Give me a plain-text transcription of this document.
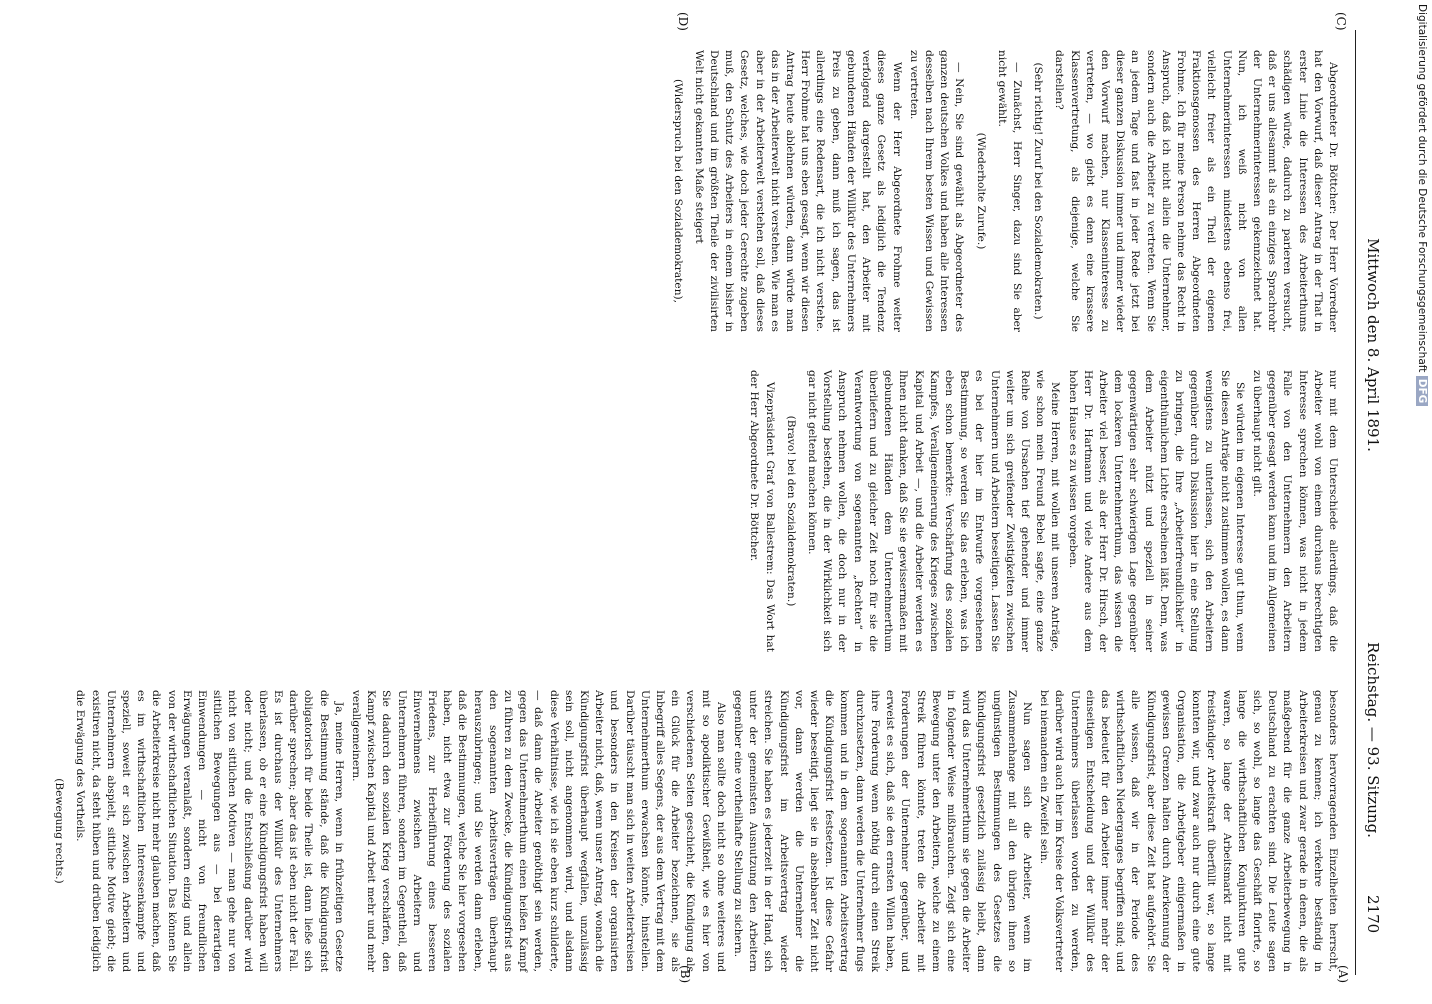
2170
Reichstag. — 93. Sitzung.
Mittwoch den 8. April 1891.
(A)
(B)
(C)
(D)

besonders hervorragenden Einzelheiten herrscht, genau zu kennen; ich verkehre beständig in Arbeiterkreisen und zwar gerade in denen, die als maßgebend für die ganze Arbeiterbewegung in Deutschland zu erachten sind. Die Leute sagen sich, so wohl, so lange das Geschäft florirte, so lange die wirthschaftlichen Konjunkturen gute waren, so lange der Arbeitsmarkt nicht mit freiständiger Arbeitskraft überfüllt war, so lange konnten wir, und zwar auch nur durch eine gute Organisation, die Arbeitgeber einigermaßen in gewissen Grenzen halten durch Anerkennung der Kündigungsfrist, aber diese Zeit hat aufgehört. Sie alle wissen, daß wir in der Periode des wirthschaftlichen Niederganges begriffen sind; und das bedeutet für den Arbeiter immer mehr der einseitigen Entscheidung und der Willkür des Unternehmers überlassen worden zu werden, darüber wird auch hier im Kreise der Volksvertreter bei niemandem ein Zweifel sein.

Nun sagen sich die Arbeiter, wenn im Zusammenhange mit all den übrigen ihnen so ungünstigen Bestimmungen des Gesetzes die Kündigungsfrist gesetzlich zulässig bleibt, dann wird das Unternehmerthum sie gegen die Arbeiter in folgender Weise mißbrauchen. Zeigt sich eine Bewegung unter den Arbeitern, welche zu einem Streik führen könnte, treten die Arbeiter mit Forderungen der Unternehmer gegenüber, und erweist es sich, daß sie den ernsten Willen haben, ihre Forderung wenn nöthig durch einen Streik durchzusetzen, dann werden die Unternehmer flugs kommen und in dem sogenannten Arbeitsvertrag die Kündigungsfrist festsetzen. Ist diese Gefahr wieder beseitigt, liegt sie in absehbarer Zeit nicht vor, dann werden die Unternehmer die Kündigungsfrist im Arbeitsvertrag wieder streichen. Sie haben es jederzeit in der Hand, sich unter der gemeinsten Ausnutzung den Arbeitern gegenüber eine vortheilhafte Stellung zu sichern.

Also man sollte doch nicht so ohne weiteres und mit so apodiktischer Gewißheit, wie es hier von verschiedenen Seiten geschieht, die Kündigung als ein Glück für die Arbeiter bezeichnen, sie als Inbegriff alles Segens, der aus dem Vertrag mit dem Unternehmerthum erwachsen könnte, hinstellen. Darüber täuscht man sich in weiten Arbeiterkreisen und besonders in den Kreisen der organisirten Arbeiter nicht, daß, wenn unser Antrag, wonach die Kündigungsfrist überhaupt wegfallen, unzulässig sein soll, nicht angenommen wird, und alsdann diese Verhältnisse, wie ich sie eben kurz schilderte, — daß dann die Arbeiter genöthigt sein werden, gegen das Unternehmerthum einen heißen Kampf zu führen zu dem Zwecke, die Kündigungsfrist aus den sogenannten Arbeitsverträgen überhaupt herauszubringen; und Sie werden dann erleben, daß die Bestimmungen, welche Sie hier vorgesehen haben, nicht etwa zur Förderung des sozialen Friedens, zur Herbeiführung eines besseren Einvernehmens zwischen Arbeitern und Unternehmern führen, sondern im Gegentheil, daß Sie dadurch den sozialen Krieg verschärfen, den Kampf zwischen Kapital und Arbeit mehr und mehr verallgemeinern.

Ja, meine Herren, wenn in frühzeitigen Gesetze die Bestimmung stände, daß die Kündigungsfrist obligatorisch für beide Theile ist, dann ließe sich darüber sprechen; aber das ist eben nicht der Fall. Es ist durchaus der Willkür des Unternehmers überlassen, ob er eine Kündigungsfrist haben will oder nicht; und die Entschließung darüber wird nicht von sittlichen Motiven — man gehe nur von sittlichen Bewegungen aus — bei derartigen Einwendungen — nicht von freundlichen Erwägungen veranlaßt, sondern einzig und allein von der wirthschaftlichen Situation. Das können Sie die Arbeiterkreise nicht mehr glauben machen, daß es im wirthschaftlichen Interessenkampfe und speziell, soweit er sich zwischen Arbeitern und Unternehmern abspielt, sittliche Motive giebt; die existiren nicht, da steht hüben und drüben lediglich die Erwägung des Vortheils.

(Bewegung rechts.)

nur mit dem Unterschiede allerdings, daß die Arbeiter wohl von einem durchaus berechtigten Interesse sprechen können, was nicht in jedem Falle von den Unternehmern den Arbeitern gegenüber gesagt werden kann und im Allgemeinen zu überhaupt nicht gilt.

Sie würden im eigenen Interesse gut thun, wenn Sie diesen Anträge nicht zustimmen wollen, es dann wenigstens zu unterlassen, sich den Arbeitern gegenüber durch Diskussion hier in eine Stellung zu bringen, die Ihre „Arbeiterfreundlichkeit“ in eigenthümlichem Lichte erscheinen läßt. Denn, was dem Arbeiter nützt und speziell in seiner gegenwärtigen sehr schwierigen Lage gegenüber dem lockeren Unternehmerthum, das wissen die Arbeiter viel besser, als der Herr Dr. Hirsch, der Herr Dr. Hartmann und viele Andere aus dem hohen Hause es zu wissen vorgeben.

Meine Herren, mit wollen mit unseren Anträge, wie schon mein Freund Bebel sagte, eine ganze Reihe von Ursachen tief gehender und immer weiter um sich greifender Zwistigkeiten zwischen Unternehmern und Arbeitern beseitigen. Lassen Sie es bei der hier im Entwurfe vorgesehenen Bestimmung, so werden Sie das erleben, was ich eben schon bemerkte: Verschärfung des sozialen Kampfes, Verallgemeinerung des Krieges zwischen Kapital und Arbeit —, und die Arbeiter werden es Ihnen nicht danken, daß Sie sie gewissermaßen mit gebundenen Händen dem Unternehmerthum überliefern und zu gleicher Zeit noch für sie die Verantwortung von sogenannten „Rechten“ in Anspruch nehmen wollen, die doch nur in der Vorstellung bestehen, die in der Wirklichkeit sich gar nicht geltend machen können.

(Bravo! bei den Sozialdemokraten.)

Vizepräsident Graf von Ballestrem: Das Wort hat der Herr Abgeordnete Dr. Böttcher.

Abgeordneter Dr. Böttcher: Der Herr Vorredner hat den Vorwurf, daß dieser Antrag in der That in erster Linie die Interessen des Arbeiterthums schädigen würde, dadurch zu parieren versucht, daß er uns allesammt als ein einziges Sprachrohr der Unternehmerinteressen gekennzeichnet hat. Nun, ich weiß nicht von allen Unternehmerinteressen mindestens ebenso frei, vielleicht freier als ein Theil der eigenen Fraktionsgenossen des Herren Abgeordneten Frohme. Ich für meine Person nehme das Recht in Anspruch, daß ich nicht allein die Unternehmer, sondern auch die Arbeiter zu vertreten. Wenn Sie an jedem Tage und fast in jeder Rede jetzt bei dieser ganzen Diskussion immer und immer wieder den Vorwurf machen, nur Klasseninteresse zu vertreten, — wo giebt es denn eine krassere Klassenvertretung, als diejenige, welche Sie darstellen?

(Sehr richtig! Zuruf bei den Sozialdemokraten.)

— Zunächst, Herr Singer, dazu sind Sie aber nicht gewählt.

(Wiederholte Zurufe.)

— Nein, Sie sind gewählt als Abgeordneter des ganzen deutschen Volkes und haben alle Interessen desselben nach Ihrem besten Wissen und Gewissen zu vertreten.

Wenn der Herr Abgeordnete Frohme weiter dieses ganze Gesetz als lediglich die Tendenz verfolgend dargestellt hat, den Arbeiter mit gebundenen Händen der Willkür des Unternehmers Preis zu geben, dann muß ich sagen, das ist allerdings eine Redensart, die ich nicht verstehe. Herr Frohme hat uns eben gesagt, wenn wir diesen Antrag heute ablehnen würden, dann würde man das in der Arbeiterwelt nicht verstehen. Wie man es aber in der Arbeiterwelt verstehen soll, daß dieses Gesetz, welches, wie doch jeder Gerechte zugeben muß, den Schutz des Arbeiters in einem bisher in Deutschland und im größten Theile der zivilisirten Welt nicht gekannten Maße steigert

(Widerspruch bei den Sozialdemokraten),	Digitalisierung gefördert durch die Deutsche Forschungsgemeinschaft DFG
